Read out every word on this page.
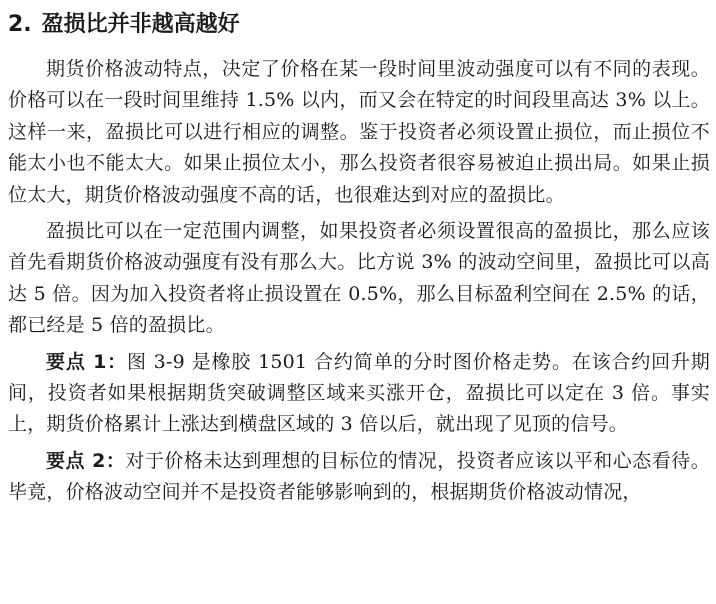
2. 盈损比并非越高越好

期货价格波动特点，决定了价格在某一段时间里波动强度可以有不同的表现。价格可以在一段时间里维持 1.5% 以内，而又会在特定的时间段里高达 3% 以上。这样一来，盈损比可以进行相应的调整。鉴于投资者必须设置止损位，而止损位不能太小也不能太大。如果止损位太小，那么投资者很容易被迫止损出局。如果止损位太大，期货价格波动强度不高的话，也很难达到对应的盈损比。

盈损比可以在一定范围内调整，如果投资者必须设置很高的盈损比，那么应该首先看期货价格波动强度有没有那么大。比方说 3% 的波动空间里，盈损比可以高达 5 倍。因为加入投资者将止损设置在 0.5%，那么目标盈利空间在 2.5% 的话，都已经是 5 倍的盈损比。

要点 1：图 3-9 是橡胶 1501 合约简单的分时图价格走势。在该合约回升期间，投资者如果根据期货突破调整区域来买涨开仓，盈损比可以定在 3 倍。事实上，期货价格累计上涨达到横盘区域的 3 倍以后，就出现了见顶的信号。

要点 2：对于价格未达到理想的目标位的情况，投资者应该以平和心态看待。毕竟，价格波动空间并不是投资者能够影响到的，根据期货价格波动情况，
